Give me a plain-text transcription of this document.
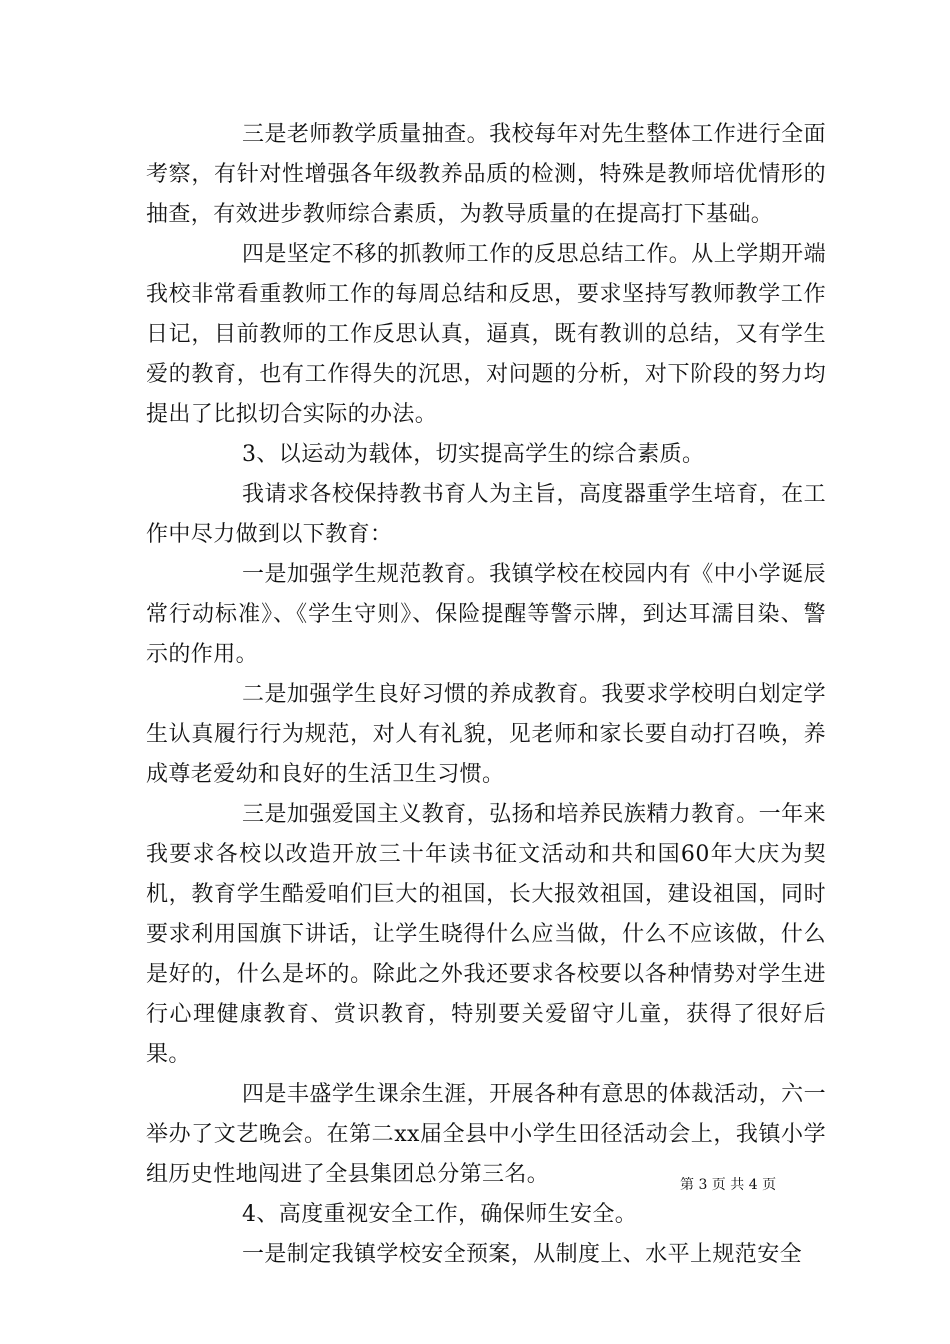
三是老师教学质量抽查。我校每年对先生整体工作进行全面考察，有针对性增强各年级教养品质的检测，特殊是教师培优情形的抽查，有效进步教师综合素质，为教导质量的在提高打下基础。

四是坚定不移的抓教师工作的反思总结工作。从上学期开端我校非常看重教师工作的每周总结和反思，要求坚持写教师教学工作日记，目前教师的工作反思认真，逼真，既有教训的总结，又有学生爱的教育，也有工作得失的沉思，对问题的分析，对下阶段的努力均提出了比拟切合实际的办法。

3、以运动为载体，切实提高学生的综合素质。

我请求各校保持教书育人为主旨，高度器重学生培育，在工作中尽力做到以下教育：

一是加强学生规范教育。我镇学校在校园内有《中小学诞辰常行动标准》、《学生守则》、保险提醒等警示牌，到达耳濡目染、警示的作用。

二是加强学生良好习惯的养成教育。我要求学校明白划定学生认真履行行为规范，对人有礼貌，见老师和家长要自动打召唤，养成尊老爱幼和良好的生活卫生习惯。

三是加强爱国主义教育，弘扬和培养民族精力教育。一年来我要求各校以改造开放三十年读书征文活动和共和国60年大庆为契机，教育学生酷爱咱们巨大的祖国，长大报效祖国，建设祖国，同时要求利用国旗下讲话，让学生晓得什么应当做，什么不应该做，什么是好的，什么是坏的。除此之外我还要求各校要以各种情势对学生进行心理健康教育、赏识教育，特别要关爱留守儿童，获得了很好后果。

四是丰盛学生课余生涯，开展各种有意思的体裁活动，六一举办了文艺晚会。在第二xx届全县中小学生田径活动会上，我镇小学组历史性地闯进了全县集团总分第三名。

4、高度重视安全工作，确保师生安全。

一是制定我镇学校安全预案，从制度上、水平上规范安全

第 3 页 共 4 页
